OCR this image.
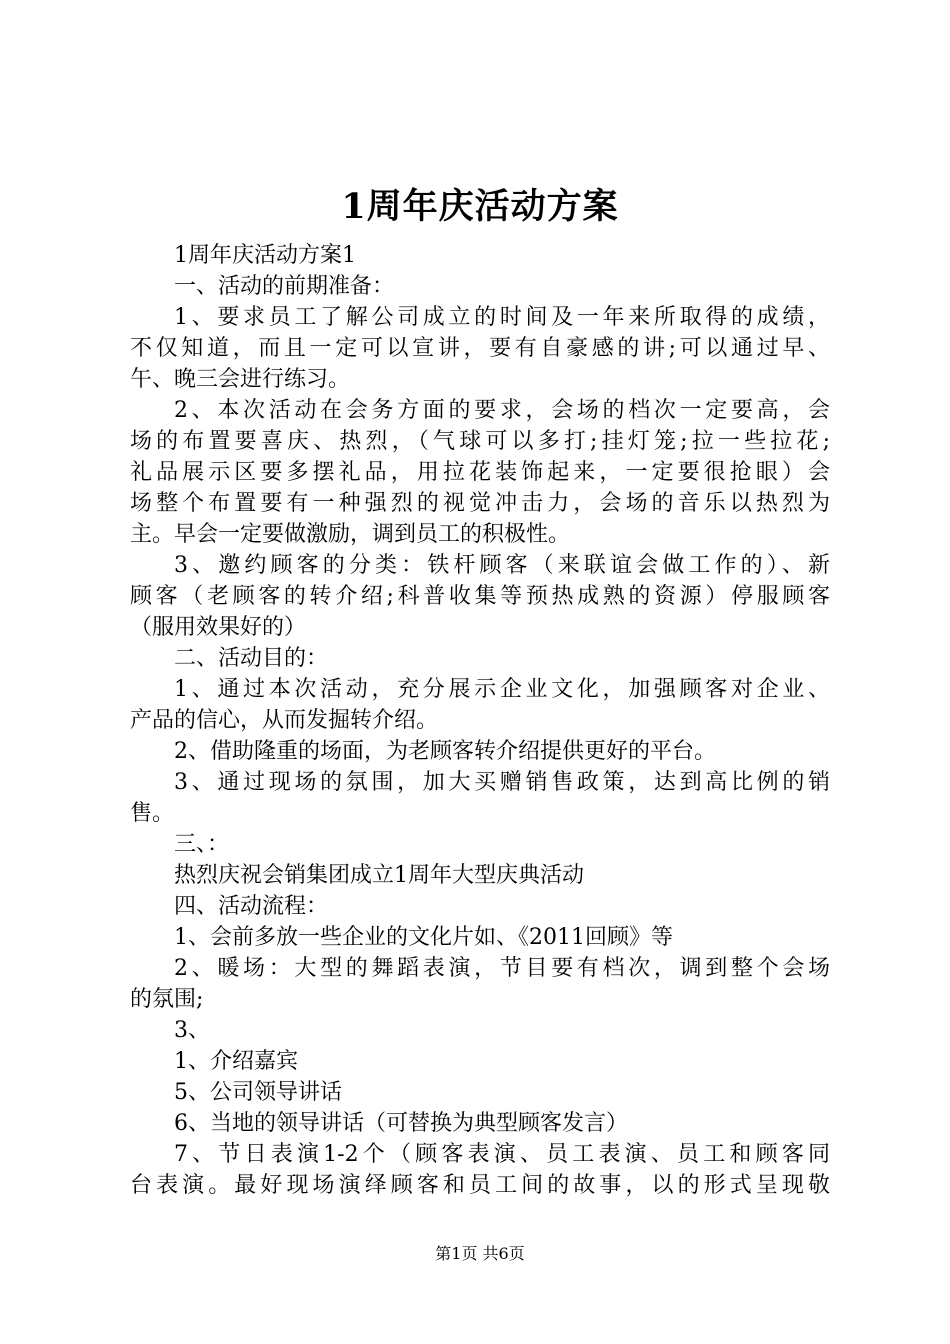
1周年庆活动方案
1周年庆活动方案1
一、活动的前期准备：
1、要求员工了解公司成立的时间及一年来所取得的成绩，
不仅知道，而且一定可以宣讲，要有自豪感的讲;可以通过早、
午、晚三会进行练习。
2、本次活动在会务方面的要求，会场的档次一定要高，会
场的布置要喜庆、热烈，（气球可以多打;挂灯笼;拉一些拉花;
礼品展示区要多摆礼品，用拉花装饰起来，一定要很抢眼）会
场整个布置要有一种强烈的视觉冲击力，会场的音乐以热烈为
主。早会一定要做激励，调到员工的积极性。
3、邀约顾客的分类：铁杆顾客（来联谊会做工作的）、新
顾客（老顾客的转介绍;科普收集等预热成熟的资源）停服顾客
（服用效果好的）
二、活动目的：
1、通过本次活动，充分展示企业文化，加强顾客对企业、
产品的信心，从而发掘转介绍。
2、借助隆重的场面，为老顾客转介绍提供更好的平台。
3、通过现场的氛围，加大买赠销售政策，达到高比例的销
售。
三、：
热烈庆祝会销集团成立1周年大型庆典活动
四、活动流程：
1、会前多放一些企业的文化片如、《2011回顾》等
2、暖场：大型的舞蹈表演，节目要有档次，调到整个会场
的氛围;
3、
1、介绍嘉宾
5、公司领导讲话
6、当地的领导讲话（可替换为典型顾客发言）
7、节日表演1-2个（顾客表演、员工表演、员工和顾客同
台表演。最好现场演绎顾客和员工间的故事，以的形式呈现敬
第1页 共6页
